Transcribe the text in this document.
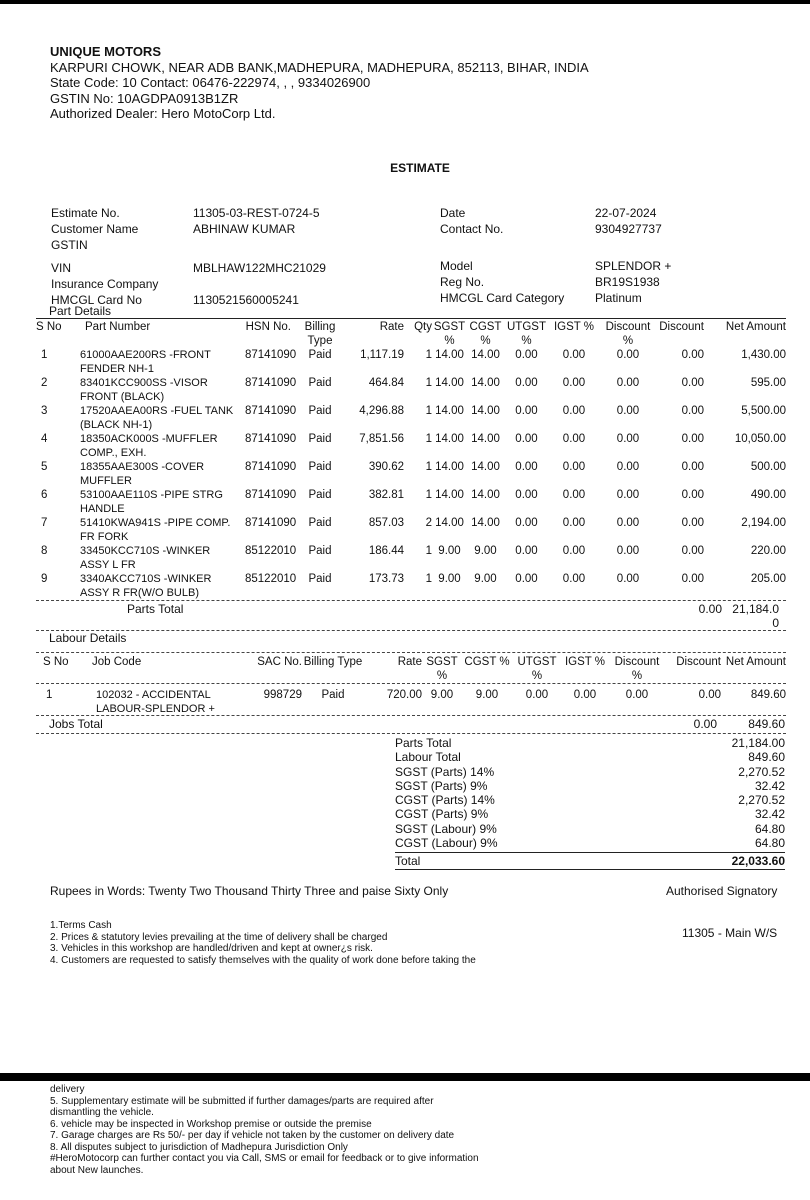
UNIQUE MOTORS
KARPURI CHOWK, NEAR ADB BANK,MADHEPURA, MADHEPURA, 852113, BIHAR, INDIA
State Code: 10 Contact: 06476-222974, , , 9334026900
GSTIN No: 10AGDPA0913B1ZR
Authorized Dealer: Hero MotoCorp Ltd.
ESTIMATE
Estimate No.	11305-03-REST-0724-5
Customer Name	ABHINAW KUMAR
GSTIN	
VIN	MBLHAW122MHC21029
Insurance Company	
HMCGL Card No	1130521560005241
Date	22-07-2024
Contact No.	9304927737
Model	SPLENDOR +
Reg No.	BR19S1938
HMCGL Card Category	Platinum
Part Details
S No	Part Number	HSN No.	Billing Type	Rate	Qty	SGST %	CGST %	UTGST %	IGST %	Discount %	Discount	Net Amount
1	61000AAE200RS -FRONT FENDER NH-1	87141090	Paid	1,117.19	1	14.00	14.00	0.00	0.00	0.00	0.00	1,430.00
2	83401KCC900SS -VISOR FRONT (BLACK)	87141090	Paid	464.84	1	14.00	14.00	0.00	0.00	0.00	0.00	595.00
3	17520AAEA00RS -FUEL TANK (BLACK NH-1)	87141090	Paid	4,296.88	1	14.00	14.00	0.00	0.00	0.00	0.00	5,500.00
4	18350ACK000S -MUFFLER COMP., EXH.	87141090	Paid	7,851.56	1	14.00	14.00	0.00	0.00	0.00	0.00	10,050.00
5	18355AAE300S -COVER MUFFLER	87141090	Paid	390.62	1	14.00	14.00	0.00	0.00	0.00	0.00	500.00
6	53100AAE110S -PIPE STRG HANDLE	87141090	Paid	382.81	1	14.00	14.00	0.00	0.00	0.00	0.00	490.00
7	51410KWA941S -PIPE COMP. FR FORK	87141090	Paid	857.03	2	14.00	14.00	0.00	0.00	0.00	0.00	2,194.00
8	33450KCC710S -WINKER ASSY L FR	85122010	Paid	186.44	1	9.00	9.00	0.00	0.00	0.00	0.00	220.00
9	3340AKCC710S -WINKER ASSY R FR(W/O BULB)	85122010	Paid	173.73	1	9.00	9.00	0.00	0.00	0.00	0.00	205.00
Parts Total	0.00 21,184.00
Labour Details
S No	Job Code	SAC No.	Billing Type	Rate	SGST %	CGST %	UTGST %	IGST %	Discount %	Discount	Net Amount
1	102032 - ACCIDENTAL LABOUR-SPLENDOR +	998729	Paid	720.00	9.00	9.00	0.00	0.00	0.00	0.00	849.60
Jobs Total	0.00	849.60
Parts Total	21,184.00
Labour Total	849.60
SGST (Parts) 14%	2,270.52
SGST (Parts) 9%	32.42
CGST (Parts) 14%	2,270.52
CGST (Parts) 9%	32.42
SGST (Labour) 9%	64.80
CGST (Labour) 9%	64.80
Total	22,033.60
Rupees in Words: Twenty Two Thousand Thirty Three and paise Sixty Only	Authorised Signatory
11305 - Main W/S
1.Terms Cash
2. Prices & statutory levies prevailing at the time of delivery shall be charged
3. Vehicles in this workshop are handled/driven and kept at owner¿s risk.
4. Customers are requested to satisfy themselves with the quality of work done before taking the
delivery
5. Supplementary estimate will be submitted if further damages/parts are required after
dismantling the vehicle.
6. vehicle may be inspected in Workshop premise or outside the premise
7. Garage charges are Rs 50/- per day if vehicle not taken by the customer on delivery date
8. All disputes subject to jurisdiction of Madhepura Jurisdiction Only
#HeroMotocorp can further contact you via Call, SMS or email for feedback or to give information
about New launches.
